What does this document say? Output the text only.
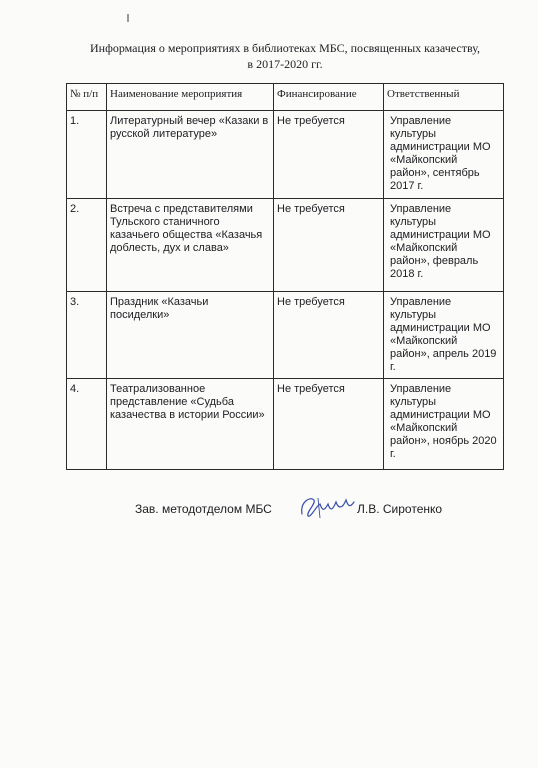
Информация о мероприятиях в библиотеках МБС, посвященных казачеству,
в 2017-2020 гг.
№ п/п	Наименование мероприятия	Финансирование	Ответственный
1.	Литературный вечер «Казаки в русской литературе»	Не требуется	Управление культуры администрации МО «Майкопский район», сентябрь 2017 г.
2.	Встреча с представителями Тульского станичного казачьего общества «Казачья доблесть, дух и слава»	Не требуется	Управление культуры администрации МО «Майкопский район», февраль 2018 г.
3.	Праздник «Казачьи посиделки»	Не требуется	Управление культуры администрации МО «Майкопский район», апрель 2019 г.
4.	Театрализованное представление «Судьба казачества в истории России»	Не требуется	Управление культуры администрации МО «Майкопский район», ноябрь 2020 г.
Зав. методотделом МБС	Л.В. Сиротенко
